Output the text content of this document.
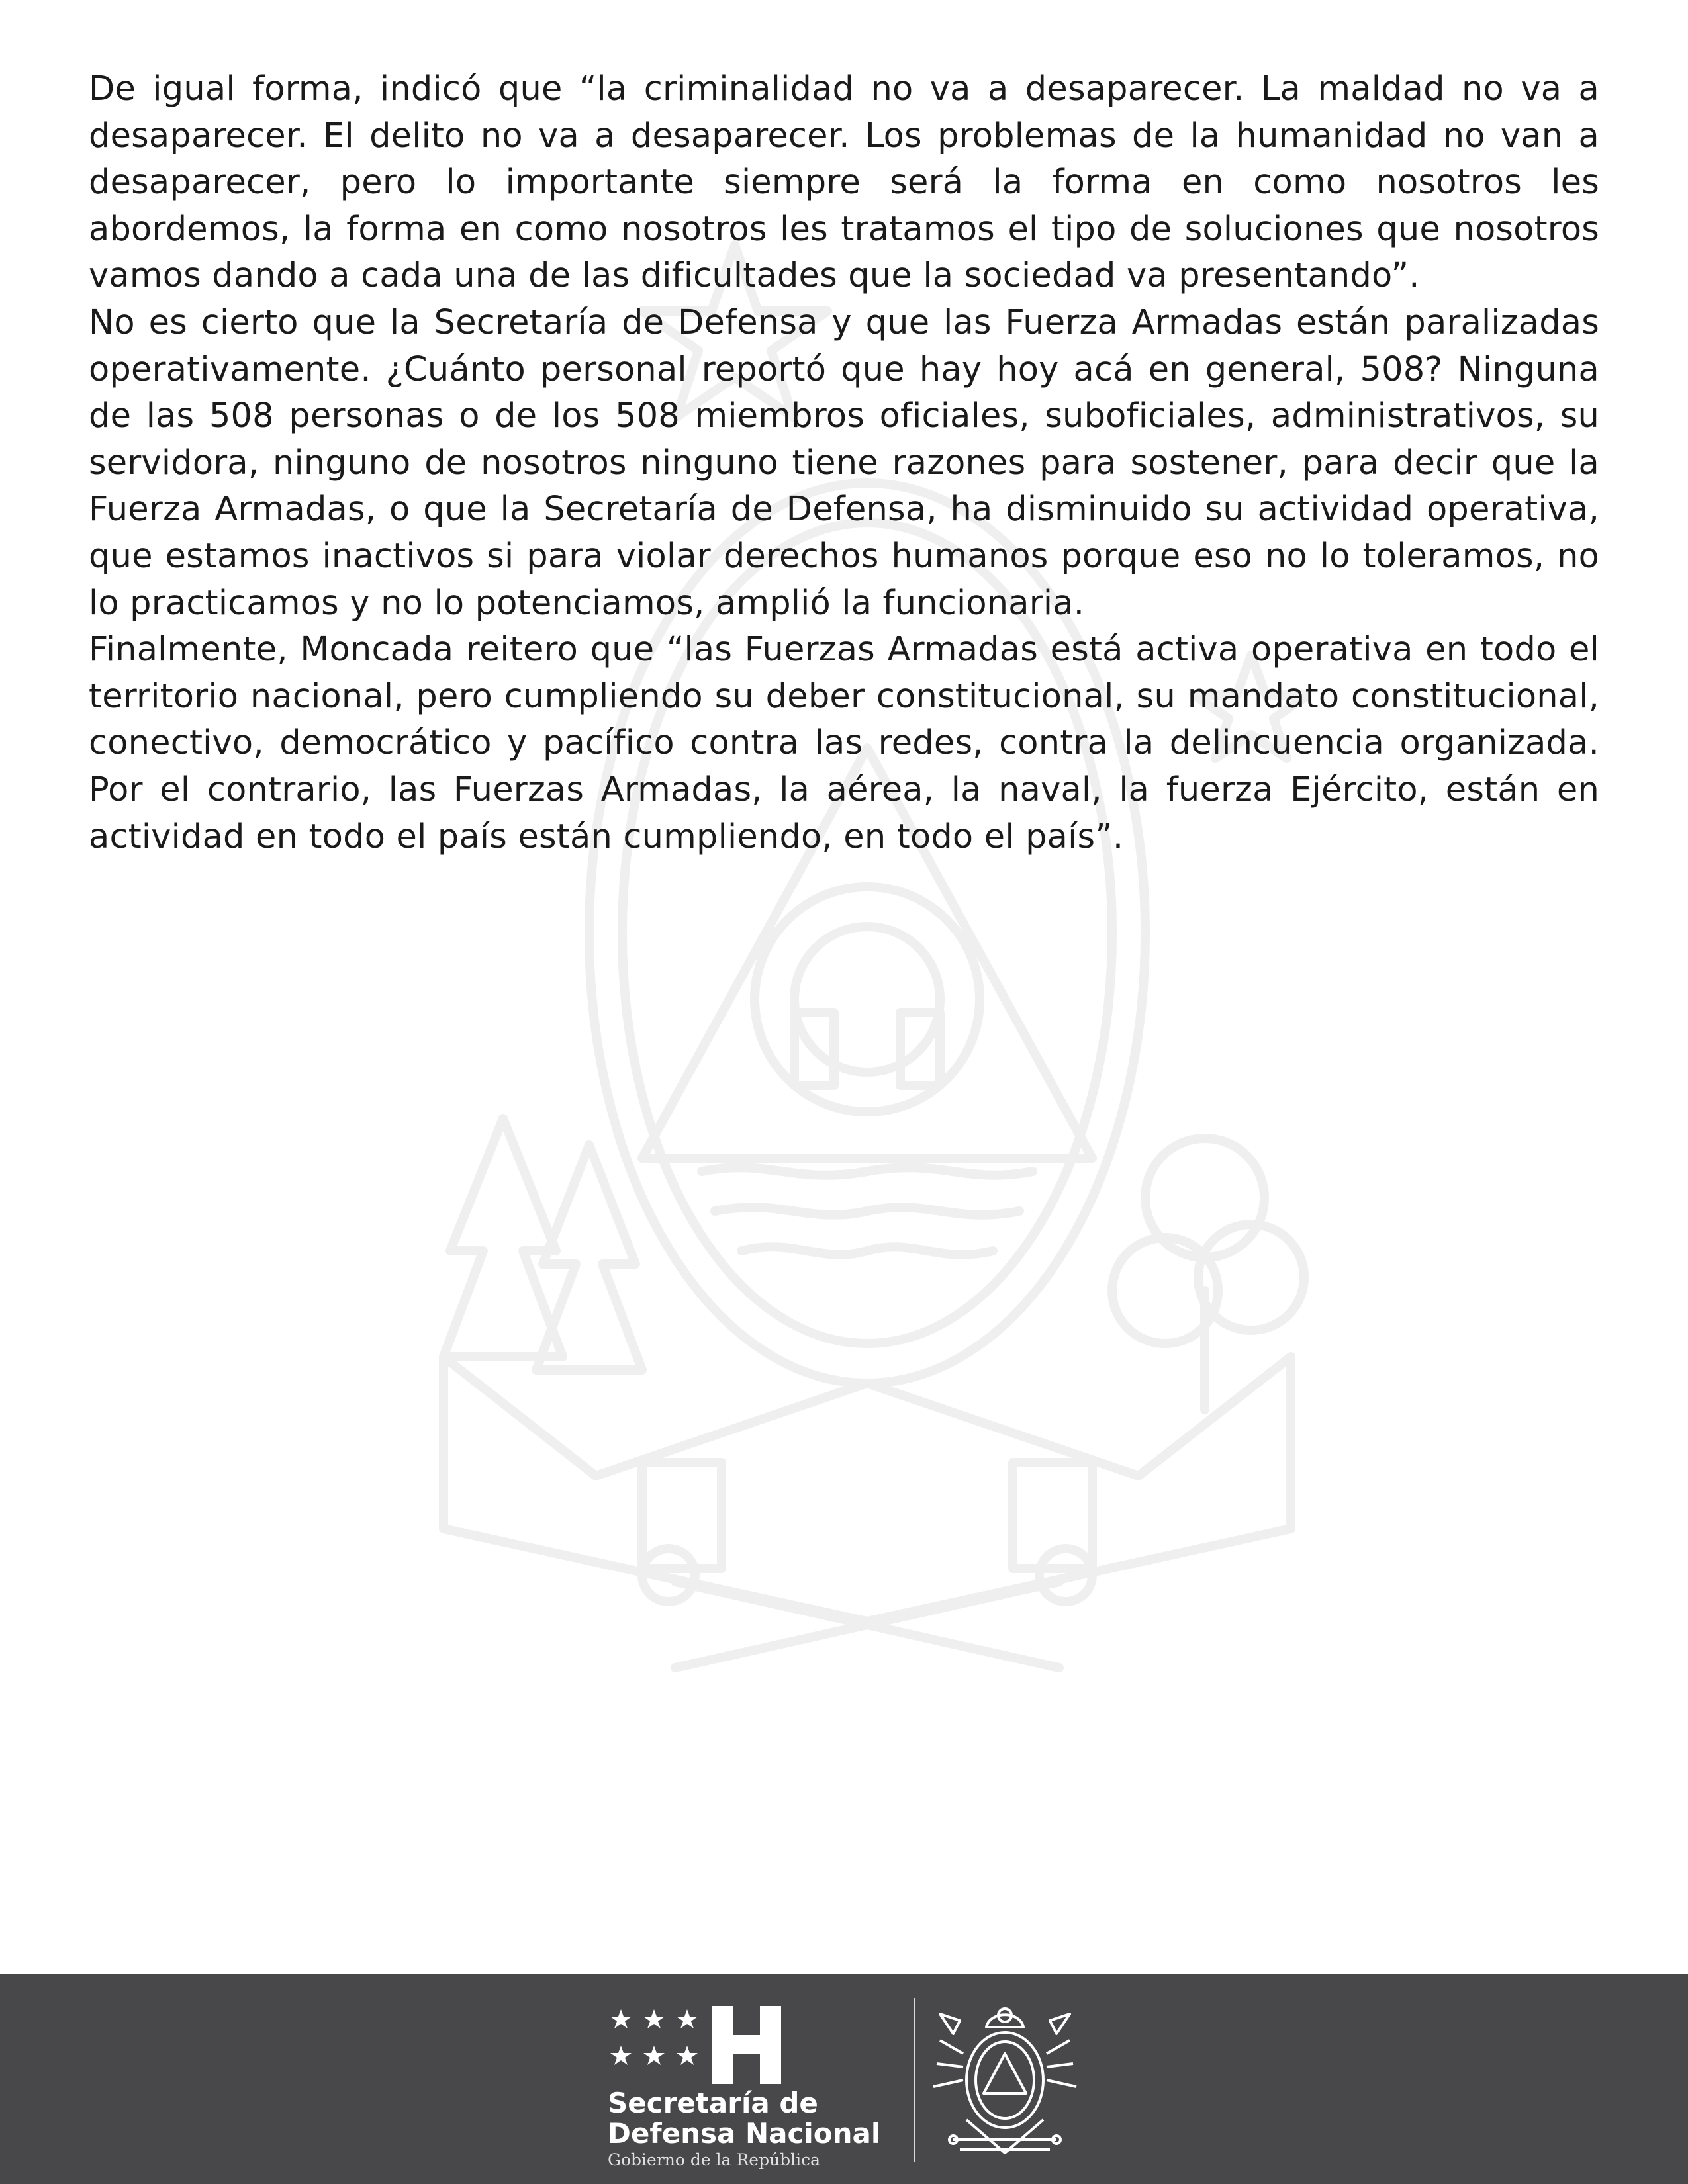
De igual forma, indicó que “la criminalidad no va a desaparecer. La maldad no va a desaparecer. El delito no va a desaparecer. Los problemas de la humanidad no van a desaparecer, pero lo importante siempre será la forma en como nosotros les abordemos, la forma en como nosotros les tratamos el tipo de soluciones que nosotros vamos dando a cada una de las dificultades que la sociedad va presentando”.

No es cierto que la Secretaría de Defensa y que las Fuerza Armadas están paralizadas operativamente. ¿Cuánto personal reportó que hay hoy acá en general, 508? Ninguna de las 508 personas o de los 508 miembros oficiales, suboficiales, administrativos, su servidora, ninguno de nosotros ninguno tiene razones para sostener, para decir que la Fuerza Armadas, o que la Secretaría de Defensa, ha disminuido su actividad operativa, que estamos inactivos si para violar derechos humanos porque eso no lo toleramos, no lo practicamos y no lo potenciamos, amplió la funcionaria.

Finalmente, Moncada reitero que “las Fuerzas Armadas está activa operativa en todo el territorio nacional, pero cumpliendo su deber constitucional, su mandato constitucional, conectivo, democrático y pacífico contra las redes, contra la delincuencia organizada. Por el contrario, las Fuerzas Armadas, la aérea, la naval, la fuerza Ejército, están en actividad en todo el país están cumpliendo, en todo el país”.

Secretaría de
Defensa Nacional
Gobierno de la República
